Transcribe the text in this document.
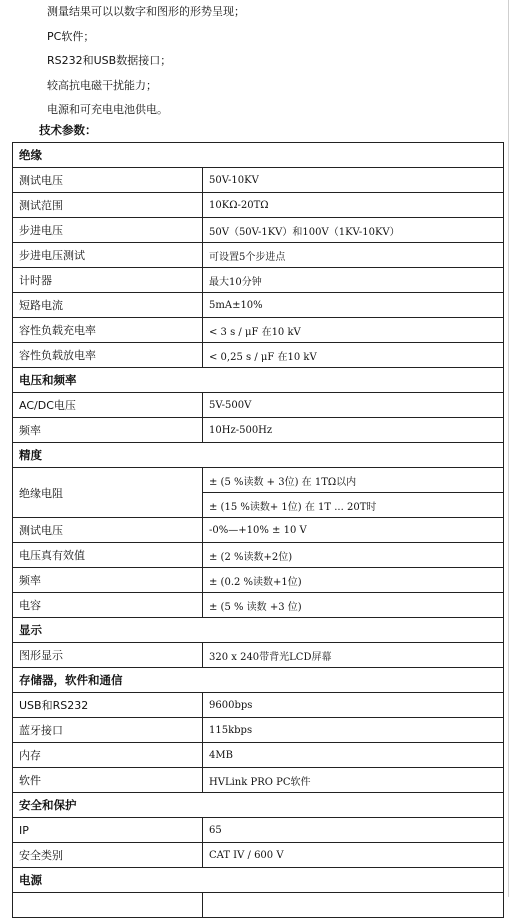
测量结果可以以数字和图形的形势呈现；

PC软件；

RS232和USB数据接口；

较高抗电磁干扰能力；

电源和可充电电池供电。

技术参数：
绝缘	
测试电压	50V-10KV
测试范围	10KΩ-20TΩ
步进电压	50V（50V-1KV）和100V（1KV-10KV）
步进电压测试	可设置5个步进点
计时器	最大10分钟
短路电流	5mA±10%
容性负载充电率	< 3 s / μF 在10 kV
容性负载放电率	< 0,25 s / μF 在10 kV
电压和频率	
AC/DC电压	5V-500V
频率	10Hz-500Hz
精度	
绝缘电阻	± (5 %读数 + 3位) 在 1TΩ以内
	± (15 %读数+ 1位) 在 1T ... 20T时
测试电压	-0%—+10% ± 10 V
电压真有效值	± (2 %读数+2位)
频率	± (0.2 %读数+1位)
电容	± (5 % 读数 +3 位)
显示	
图形显示	320 x 240带背光LCD屏幕
存储器，软件和通信	
USB和RS232	9600bps
蓝牙接口	115kbps
内存	4MB
软件	HVLink PRO PC软件
安全和保护	
IP	65
安全类别	CAT IV / 600 V
电源	
